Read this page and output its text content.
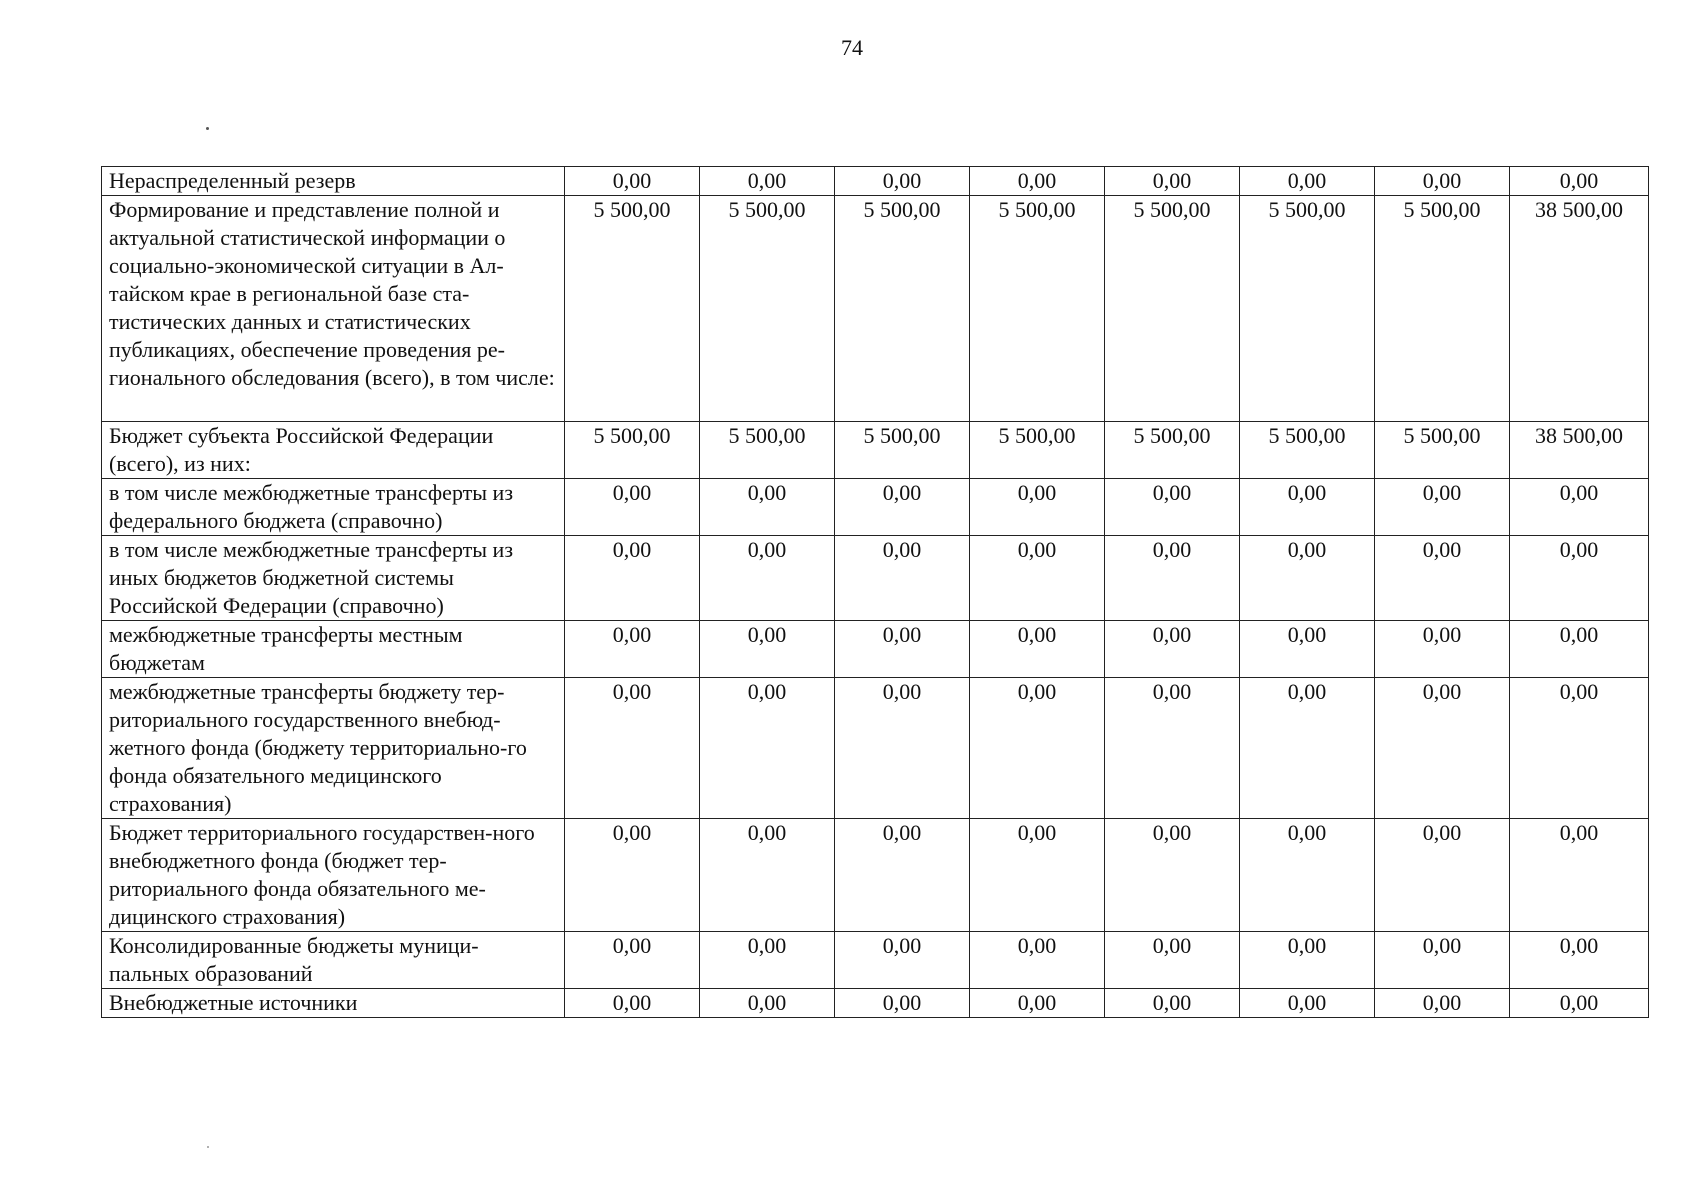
74
Нераспределенный резерв	0,00	0,00	0,00	0,00	0,00	0,00	0,00	0,00
Формирование и представление полной и актуальной статистической информации о социально-экономической ситуации в Ал-тайском крае в региональной базе ста-тистических данных и статистических публикациях, обеспечение проведения ре-гионального обследования (всего), в том числе:	5 500,00	5 500,00	5 500,00	5 500,00	5 500,00	5 500,00	5 500,00	38 500,00
Бюджет субъекта Российской Федерации (всего), из них:	5 500,00	5 500,00	5 500,00	5 500,00	5 500,00	5 500,00	5 500,00	38 500,00
в том числе межбюджетные трансферты из федерального бюджета (справочно)	0,00	0,00	0,00	0,00	0,00	0,00	0,00	0,00
в том числе межбюджетные трансферты из иных бюджетов бюджетной системы Российской Федерации (справочно)	0,00	0,00	0,00	0,00	0,00	0,00	0,00	0,00
межбюджетные трансферты местным бюджетам	0,00	0,00	0,00	0,00	0,00	0,00	0,00	0,00
межбюджетные трансферты бюджету тер-риториального государственного внебюд-жетного фонда (бюджету территориально-го фонда обязательного медицинского страхования)	0,00	0,00	0,00	0,00	0,00	0,00	0,00	0,00
Бюджет территориального государствен-ного внебюджетного фонда (бюджет тер-риториального фонда обязательного ме-дицинского страхования)	0,00	0,00	0,00	0,00	0,00	0,00	0,00	0,00
Консолидированные бюджеты муници-пальных образований	0,00	0,00	0,00	0,00	0,00	0,00	0,00	0,00
Внебюджетные источники	0,00	0,00	0,00	0,00	0,00	0,00	0,00	0,00
